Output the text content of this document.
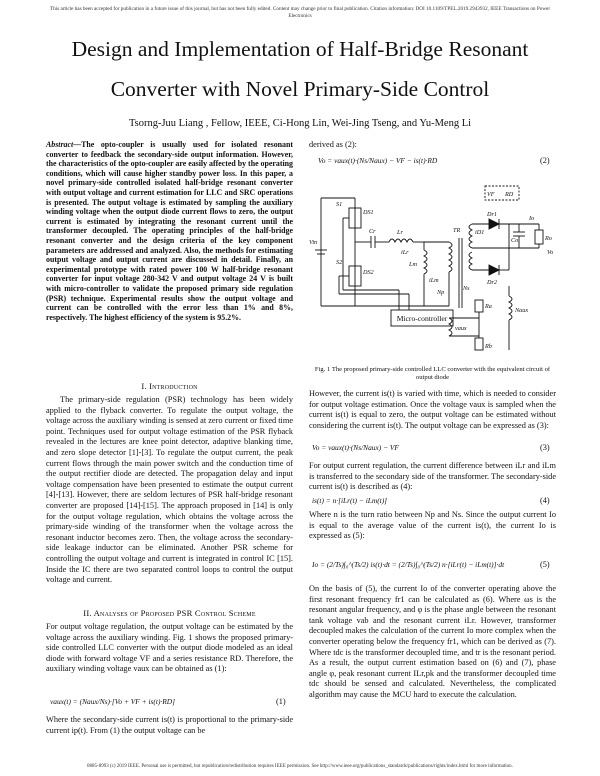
This article has been accepted for publication in a future issue of this journal, but has not been fully edited. Content may change prior to final publication. Citation information: DOI 10.1109/TPEL.2019.2943932, IEEE Transactions on Power Electronics
Design and Implementation of Half-Bridge Resonant
Converter with Novel Primary-Side Control
Tsorng-Juu Liang , Fellow, IEEE, Ci-Hong Lin, Wei-Jing Tseng, and Yu-Meng Li
Abstract—The opto-coupler is usually used for isolated resonant converter to feedback the secondary-side output information. However, the characteristics of the opto-coupler are easily affected by the operating conditions, which will cause higher standby power loss. In this paper, a novel primary-side controlled isolated half-bridge resonant converter with output voltage and current estimation for LLC and SRC operations is presented. The output voltage is estimated by sampling the auxiliary winding voltage when the output diode current flows to zero, the output current is estimated by integrating the resonant current until the transformer decoupled. The operating principles of the half-bridge resonant converter and the design criteria of the key component parameters are addressed and analyzed. Also, the methods for estimating output voltage and output current are discussed in detail. Finally, an experimental prototype with rated power 100 W half-bridge resonant converter for input voltage 280-342 V and output voltage 24 V is built with micro-controller to validate the proposed primary side regulation (PSR) technique. Experimental results show the output voltage and current can be controlled with the error less than 1% and 8%, respectively. The highest efficiency of the system is 95.2%.
I. Introduction
The primary-side regulation (PSR) technology has been widely applied to the flyback converter. To regulate the output voltage, the voltage across the auxiliary winding is sensed at zero current or fixed time point. Techniques used for output voltage estimation of the PSR flyback revealed in the lectures are knee point detector, adaptive blanking time, and zero slope detector [1]-[3]. To regulate the output current, the peak current flows through the main power switch and the conduction time of the output rectifier diode are detected. The propagation delay and input voltage compensation have been presented to estimate the output current [4]-[13]. However, there are seldom lectures of PSR half-bridge resonant converter are proposed [14]-[15]. The approach proposed in [14] is only for the output voltage regulation, which obtains the voltage across the primary-side winding of the transformer when the voltage across the resonant inductor becomes zero. Then, the voltage across the secondary-side leakage inductor can be eliminated. Another PSR scheme for controlling the output voltage and current is integrated in control IC [15]. Inside the IC there are two separated control loops to control the output voltage and current.
II. Analyses of Proposed PSR Control Scheme
For output voltage regulation, the output voltage can be estimated by the voltage across the auxiliary winding. Fig. 1 shows the proposed primary-side controlled LLC converter with the output diode modeled as an ideal diode with forward voltage VF and a series resistance RD. Therefore, the auxiliary winding voltage vaux can be obtained as (1):
vaux(t) = (Naux/Ns)·[Vo + VF + is(t)·RD]	(1)
Where the secondary-side current is(t) is proportional to the primary-side current ip(t). From (1) the output voltage can be
derived as (2):
Vo = vaux(t)·(Ns/Naux) − VF − is(t)·RD	(2)
Vin
S1
DS1
S2
DS2
Cr	Lr
Lm
iLr
iLm
TR
Np
Ns
Dr1
Dr2
iD1
VF RD
Co	Ro
Io
Vo
Ra
Rb
Naux
vaux
Micro-controller
Fig. 1 The proposed primary-side controlled LLC converter with the equivalent circuit of output diode
However, the current is(t) is varied with time, which is needed to consider for output voltage estimation. Once the voltage vaux is sampled when the current is(t) is equal to zero, the output voltage can be estimated without considering the current is(t). The output voltage can be expressed as (3):
Vo = vaux(t)·(Ns/Naux) − VF	(3)
For output current regulation, the current difference between iLr and iLm is transferred to the secondary side of the transformer. The secondary-side current is(t) is described as (4):
is(t) = n·[iLr(t) − iLm(t)]	(4)
Where n is the turn ratio between Np and Ns. Since the output current Io is equal to the average value of the current is(t), the current Io is expressed as (5):
Io = (2/Ts)∫₀^(Ts/2) is(t)·dt = (2/Ts)∫₀^(Ts/2) n·[iLr(t) − iLm(t)]·dt	(5)
On the basis of (5), the current Io of the converter operating above the first resonant frequency fr1 can be calculated as (6). Where ωs is the resonant angular frequency, and φ is the phase angle between the resonant tank voltage vab and the resonant current iLr. However, transformer decoupled makes the calculation of the current Io more complex when the converter operating below the frequency fr1, which can be derived as (7). Where tdc is the transformer decoupled time, and tr is the resonant period. As a result, the output current estimation based on (6) and (7), phase angle φ, peak resonant current ILr,pk and the transformer decoupled time tdc should be sensed and calculated. Nevertheless, the complicated algorithm may cause the MCU hard to execute the calculation.
0885-8993 (c) 2019 IEEE. Personal use is permitted, but republication/redistribution requires IEEE permission. See http://www.ieee.org/publications_standards/publications/rights/index.html for more information.
